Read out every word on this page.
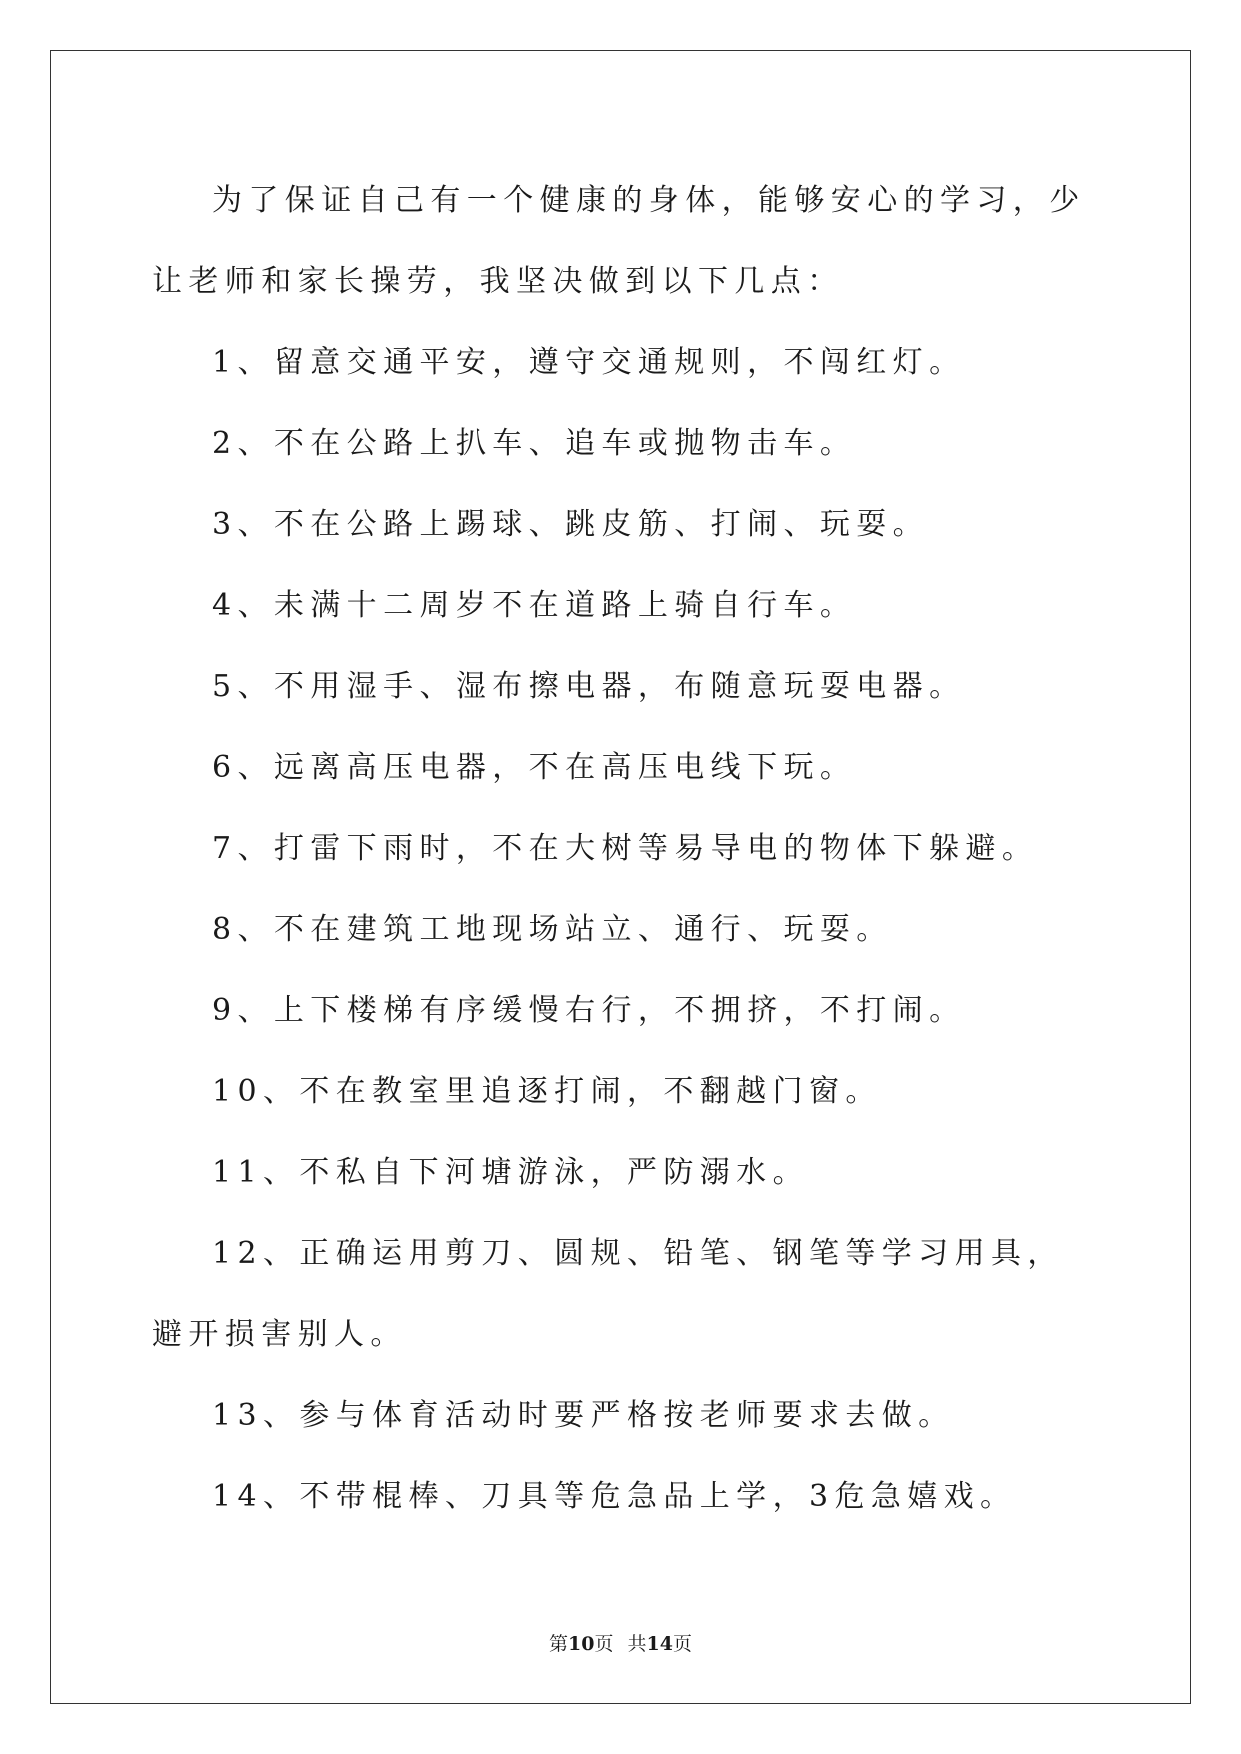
为了保证自己有一个健康的身体，能够安心的学习，少让老师和家长操劳，我坚决做到以下几点：

1、留意交通平安，遵守交通规则，不闯红灯。

2、不在公路上扒车、追车或抛物击车。

3、不在公路上踢球、跳皮筋、打闹、玩耍。

4、未满十二周岁不在道路上骑自行车。

5、不用湿手、湿布擦电器，布随意玩耍电器。

6、远离高压电器，不在高压电线下玩。

7、打雷下雨时，不在大树等易导电的物体下躲避。

8、不在建筑工地现场站立、通行、玩耍。

9、上下楼梯有序缓慢右行，不拥挤，不打闹。

10、不在教室里追逐打闹，不翻越门窗。

11、不私自下河塘游泳，严防溺水。

12、正确运用剪刀、圆规、铅笔、钢笔等学习用具，避开损害别人。

13、参与体育活动时要严格按老师要求去做。

14、不带棍棒、刀具等危急品上学，3危急嬉戏。

第10页 共14页
